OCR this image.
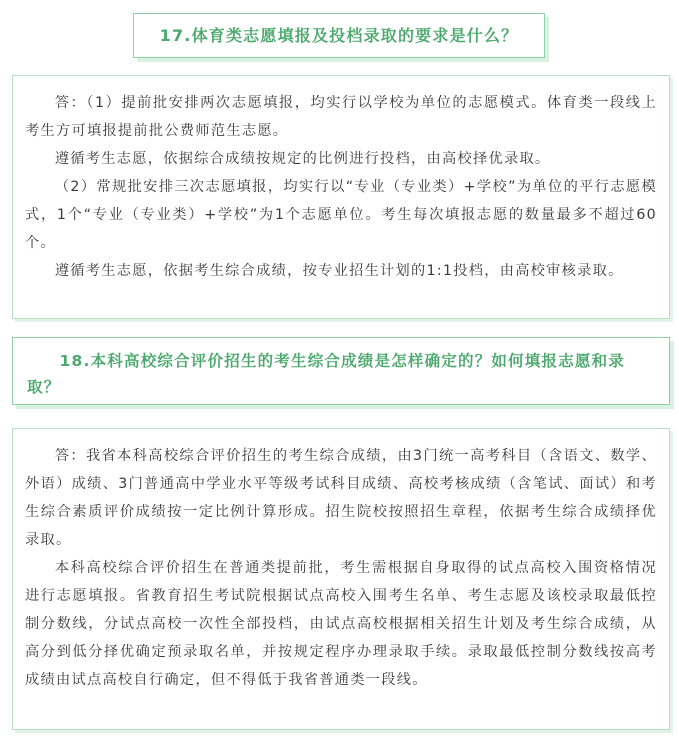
17.体育类志愿填报及投档录取的要求是什么？

答：（1）提前批安排两次志愿填报，均实行以学校为单位的志愿模式。体育类一段线上考生方可填报提前批公费师范生志愿。

遵循考生志愿，依据综合成绩按规定的比例进行投档，由高校择优录取。

（2）常规批安排三次志愿填报，均实行以“专业（专业类）+学校”为单位的平行志愿模式，1个“专业（专业类）+学校”为1个志愿单位。考生每次填报志愿的数量最多不超过60个。

遵循考生志愿，依据考生综合成绩，按专业招生计划的1:1投档，由高校审核录取。

18.本科高校综合评价招生的考生综合成绩是怎样确定的？如何填报志愿和录取？

答：我省本科高校综合评价招生的考生综合成绩，由3门统一高考科目（含语文、数学、外语）成绩、3门普通高中学业水平等级考试科目成绩、高校考核成绩（含笔试、面试）和考生综合素质评价成绩按一定比例计算形成。招生院校按照招生章程，依据考生综合成绩择优录取。

本科高校综合评价招生在普通类提前批，考生需根据自身取得的试点高校入围资格情况进行志愿填报。省教育招生考试院根据试点高校入围考生名单、考生志愿及该校录取最低控制分数线，分试点高校一次性全部投档，由试点高校根据相关招生计划及考生综合成绩，从高分到低分择优确定预录取名单，并按规定程序办理录取手续。录取最低控制分数线按高考成绩由试点高校自行确定，但不得低于我省普通类一段线。
